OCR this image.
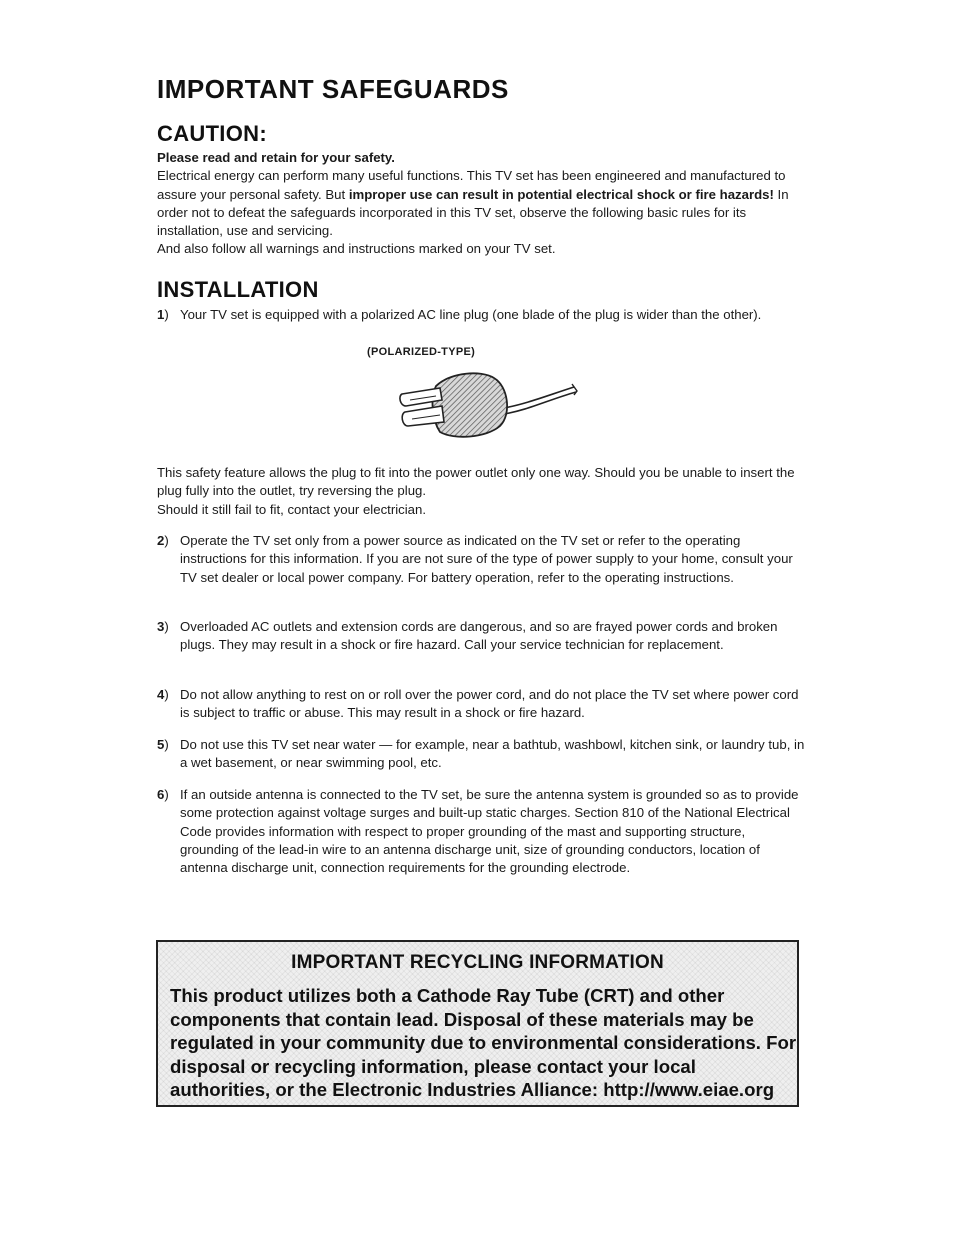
IMPORTANT SAFEGUARDS
CAUTION:

Please read and retain for your safety.

Electrical energy can perform many useful functions. This TV set has been engineered and manufactured to assure your personal safety. But improper use can result in potential electrical shock or fire hazards! In order not to defeat the safeguards incorporated in this TV set, observe the following basic rules for its installation, use and servicing.

And also follow all warnings and instructions marked on your TV set.

INSTALLATION
1) Your TV set is equipped with a polarized AC line plug (one blade of the plug is wider than the other).
(POLARIZED-TYPE)

This safety feature allows the plug to fit into the power outlet only one way. Should you be unable to insert the plug fully into the outlet, try reversing the plug.

Should it still fail to fit, contact your electrician.

2) Operate the TV set only from a power source as indicated on the TV set or refer to the operating instructions for this information. If you are not sure of the type of power supply to your home, consult your TV set dealer or local power company. For battery operation, refer to the operating instructions.
3) Overloaded AC outlets and extension cords are dangerous, and so are frayed power cords and broken plugs. They may result in a shock or fire hazard. Call your service technician for replacement.
4) Do not allow anything to rest on or roll over the power cord, and do not place the TV set where power cord is subject to traffic or abuse. This may result in a shock or fire hazard.
5) Do not use this TV set near water — for example, near a bathtub, washbowl, kitchen sink, or laundry tub, in a wet basement, or near swimming pool, etc.
6) If an outside antenna is connected to the TV set, be sure the antenna system is grounded so as to provide some protection against voltage surges and built-up static charges. Section 810 of the National Electrical Code provides information with respect to proper grounding of the mast and supporting structure, grounding of the lead-in wire to an antenna discharge unit, size of grounding conductors, location of antenna discharge unit, connection requirements for the grounding electrode.
IMPORTANT RECYCLING INFORMATION
This product utilizes both a Cathode Ray Tube (CRT) and other components that contain lead. Disposal of these materials may be regulated in your community due to environmental considerations. For disposal or recycling information, please contact your local authorities, or the Electronic Industries Alliance: http://www.eiae.org
